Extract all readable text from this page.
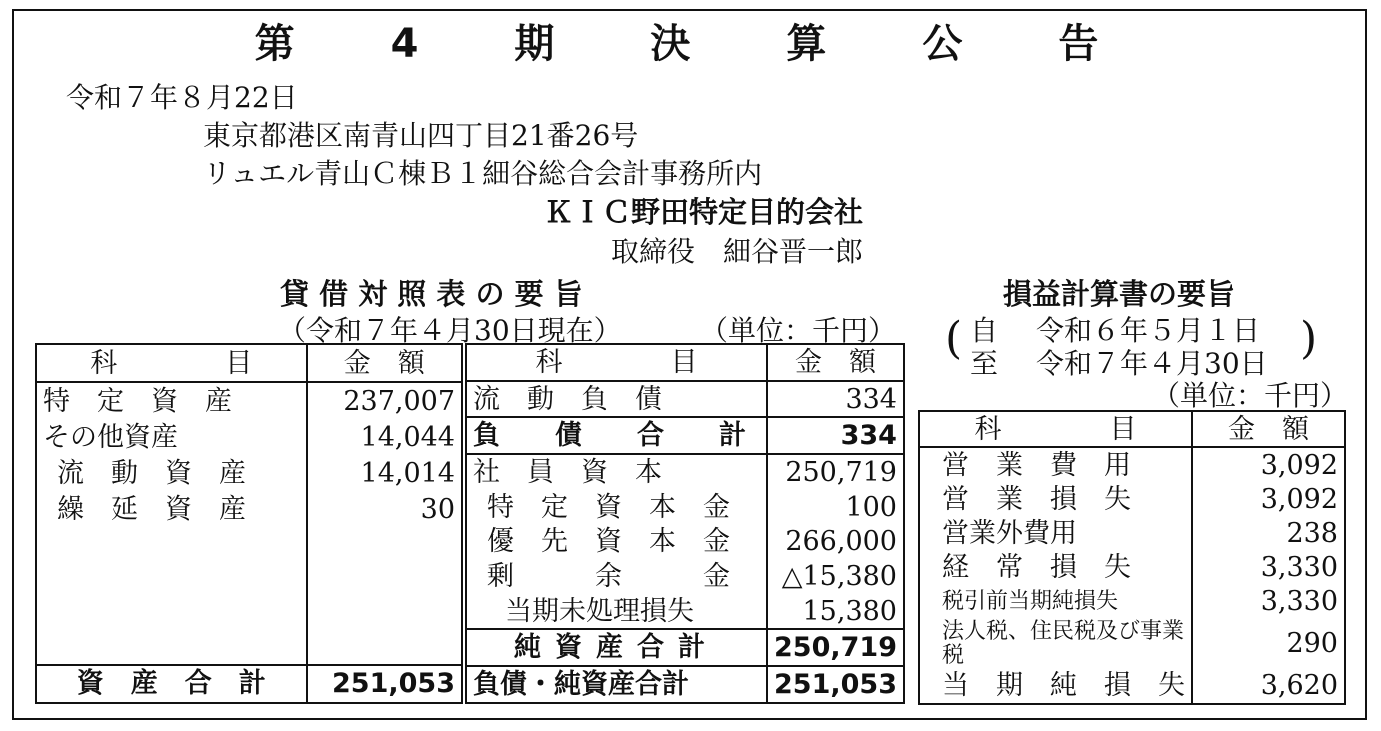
第　4　期　決　算　公　告
令和７年８月22日
東京都港区南青山四丁目21番26号
リュエル青山Ｃ棟Ｂ１細谷総合会計事務所内
ＫＩＣ野田特定目的会社
取締役　細谷晋一郎
貸 借 対 照 表 の 要 旨
（令和７年４月30日現在）	（単位：千円）
科　　　　目	金　額
特　定　資　産	237,007
その他資産	14,044
流　動　資　産	14,014
繰　延　資　産	30

資　産　合　計	251,053
科　　　　目	金　額
流　動　負　債	334
負　債　合　計	334
社　員　資　本	250,719
特　定　資　本　金	100
優　先　資　本　金	266,000
剰　　　余　　　金	△15,380
当期未処理損失	15,380
純資産合計	250,719
負債・純資産合計	251,053
損益計算書の要旨
( 自 令和６年５月１日
至 令和７年４月30日 )
（単位：千円）
科　　　　目	金　額
営　業　費　用	3,092
営　業　損　失	3,092
営業外費用	238
経　常　損　失	3,330
税引前当期純損失	3,330
法人税、住民税及び事業税	290
当　期　純　損　失	3,620
